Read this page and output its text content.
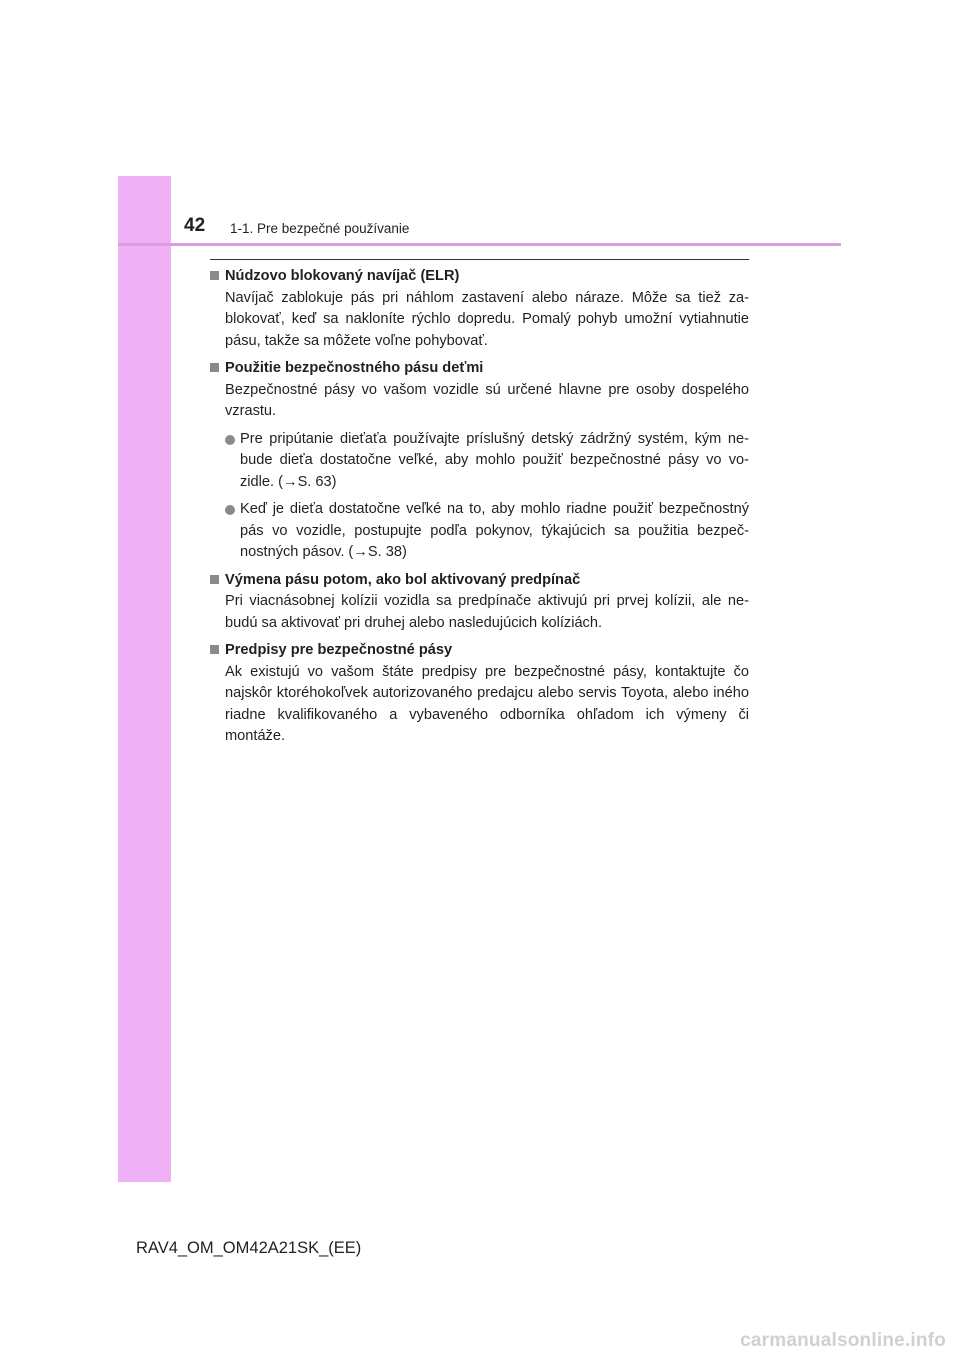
42 1-1. Pre bezpečné používanie
Núdzovo blokovaný navíjač (ELR)
Navíjač zablokuje pás pri náhlom zastavení alebo náraze. Môže sa tiež za-blokovať, keď sa nakloníte rýchlo dopredu. Pomalý pohyb umožní vytiahnutie pásu, takže sa môžete voľne pohybovať.
Použitie bezpečnostného pásu deťmi
Bezpečnostné pásy vo vašom vozidle sú určené hlavne pre osoby dospelého vzrastu.
Pre pripútanie dieťaťa používajte príslušný detský zádržný systém, kým ne-bude dieťa dostatočne veľké, aby mohlo použiť bezpečnostné pásy vo vo-zidle. (→S. 63)
Keď je dieťa dostatočne veľké na to, aby mohlo riadne použiť bezpečnostný pás vo vozidle, postupujte podľa pokynov, týkajúcich sa použitia bezpeč-nostných pásov. (→S. 38)
Výmena pásu potom, ako bol aktivovaný predpínač
Pri viacnásobnej kolízii vozidla sa predpínače aktivujú pri prvej kolízii, ale ne-budú sa aktivovať pri druhej alebo nasledujúcich kolíziách.
Predpisy pre bezpečnostné pásy
Ak existujú vo vašom štáte predpisy pre bezpečnostné pásy, kontaktujte čo najskôr ktoréhokoľvek autorizovaného predajcu alebo servis Toyota, alebo iného riadne kvalifikovaného a vybaveného odborníka ohľadom ich výmeny či montáže.
RAV4_OM_OM42A21SK_(EE)
carmanualsonline.info
